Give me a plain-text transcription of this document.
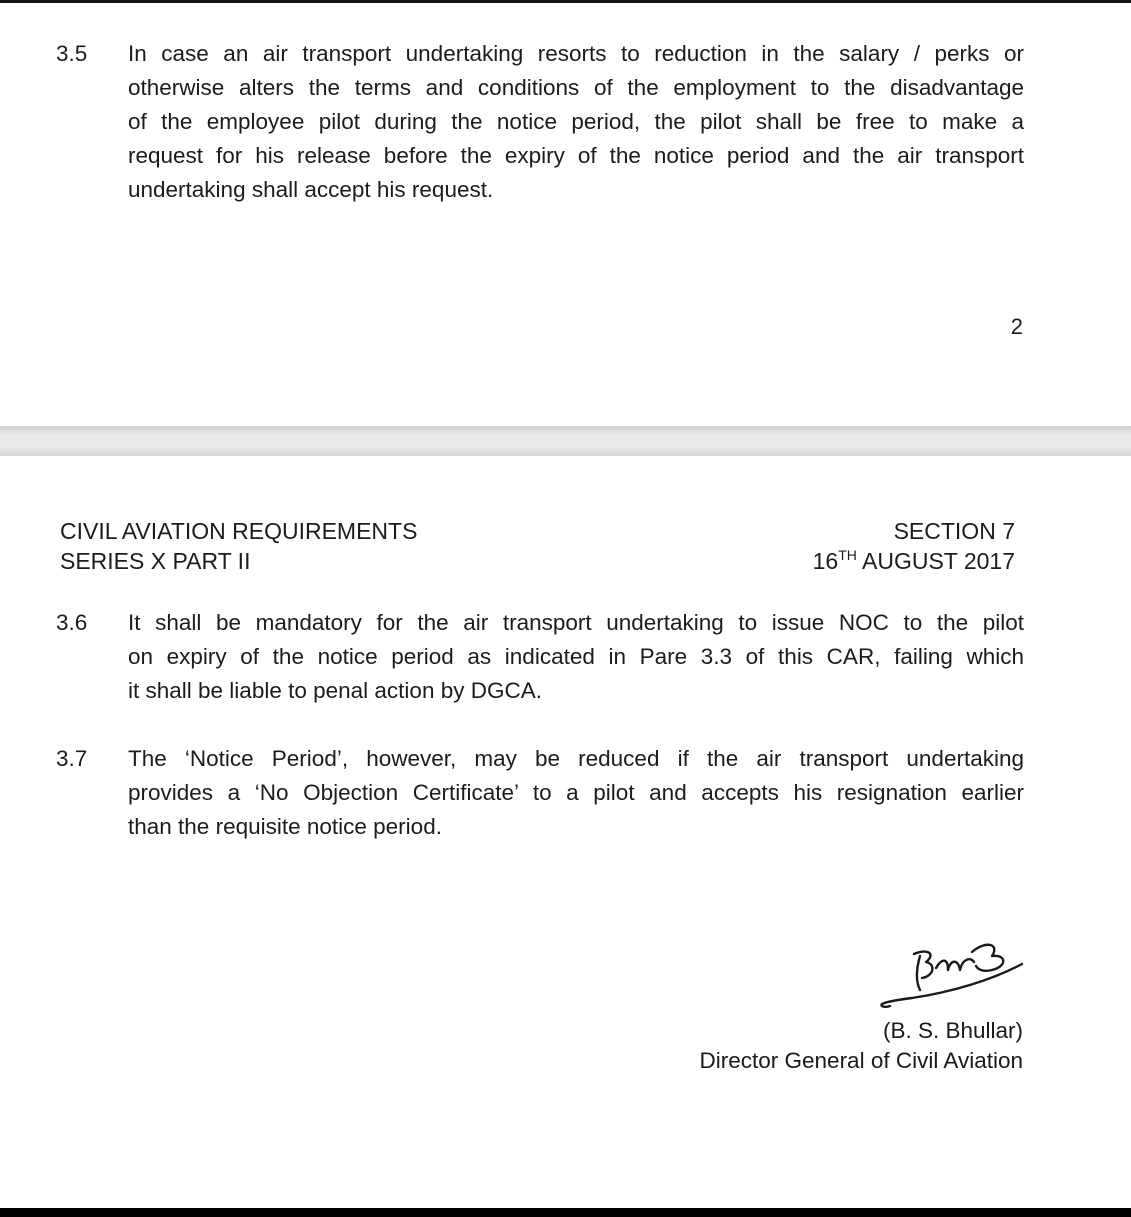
3.5	In case an air transport undertaking resorts to reduction in the salary / perks or
otherwise alters the terms and conditions of the employment to the disadvantage
of the employee pilot during the notice period, the pilot shall be free to make a
request for his release before the expiry of the notice period and the air transport
undertaking shall accept his request.
2
CIVIL AVIATION REQUIREMENTS
SERIES X PART II
SECTION 7
16TH AUGUST 2017
3.6	It shall be mandatory for the air transport undertaking to issue NOC to the pilot
on expiry of the notice period as indicated in Pare 3.3 of this CAR, failing which
it shall be liable to penal action by DGCA.
3.7	The ‘Notice Period’, however, may be reduced if the air transport undertaking
provides a ‘No Objection Certificate’ to a pilot and accepts his resignation earlier
than the requisite notice period.
(B. S. Bhullar)
Director General of Civil Aviation
